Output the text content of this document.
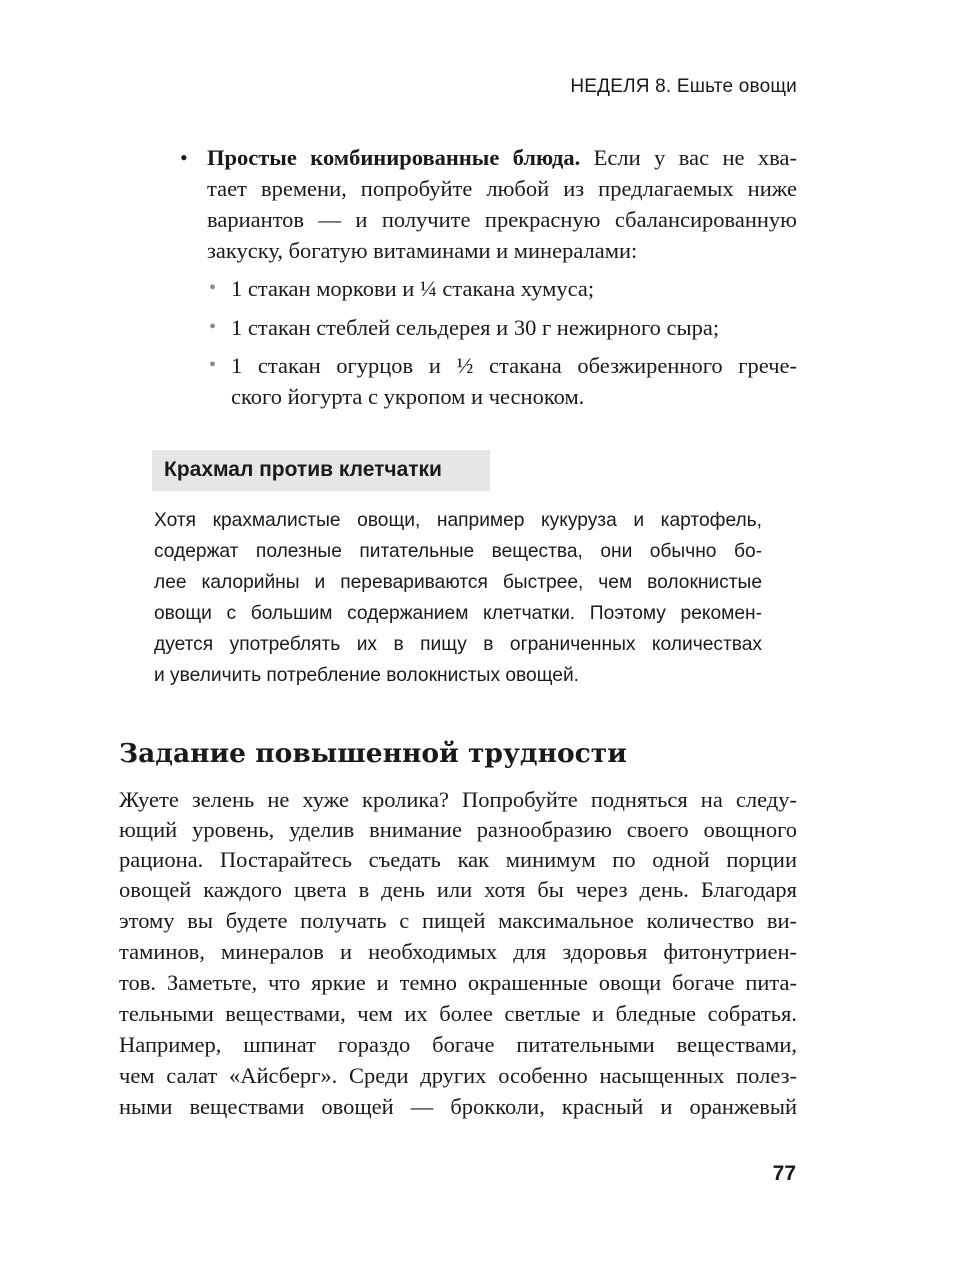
НЕДЕЛЯ 8. Ешьте овощи
• Простые комбинированные блюда. Если у вас не хва-
тает времени, попробуйте любой из предлагаемых ниже
вариантов — и получите прекрасную сбалансированную
закуску, богатую витаминами и минералами:
• 1 стакан моркови и ¼ стакана хумуса;
• 1 стакан стеблей сельдерея и 30 г нежирного сыра;
• 1 стакан огурцов и ½ стакана обезжиренного грече-
ского йогурта с укропом и чесноком.
Крахмал против клетчатки
Хотя крахмалистые овощи, например кукуруза и картофель,
содержат полезные питательные вещества, они обычно бо-
лее калорийны и перевариваются быстрее, чем волокнистые
овощи с большим содержанием клетчатки. Поэтому рекомен-
дуется употреблять их в пищу в ограниченных количествах
и увеличить потребление волокнистых овощей.
Задание повышенной трудности
Жуете зелень не хуже кролика? Попробуйте подняться на следу-
ющий уровень, уделив внимание разнообразию своего овощного
рациона. Постарайтесь съедать как минимум по одной порции
овощей каждого цвета в день или хотя бы через день. Благодаря
этому вы будете получать с пищей максимальное количество ви-
таминов, минералов и необходимых для здоровья фитонутриен-
тов. Заметьте, что яркие и темно окрашенные овощи богаче пита-
тельными веществами, чем их более светлые и бледные собратья.
Например, шпинат гораздо богаче питательными веществами,
чем салат «Айсберг». Среди других особенно насыщенных полез-
ными веществами овощей — брокколи, красный и оранжевый
77
